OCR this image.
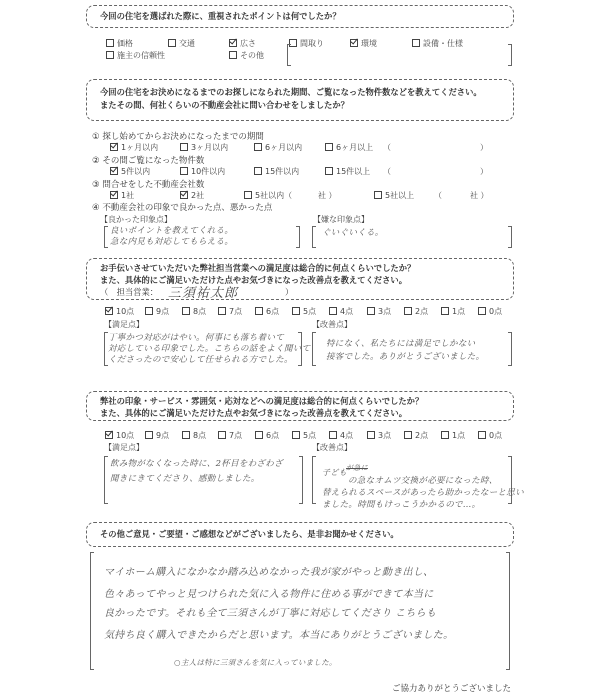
今回の住宅を選ばれた際に、重視されたポイントは何でしたか？
価格	交通	広さ	間取り	環境	設備・仕様
施主の信頼性	その他
今回の住宅をお決めになるまでのお探しになられた期間、ご覧になった物件数などを教えてください。
またその間、何社くらいの不動産会社に問い合わせをしましたか？
① 探し始めてからお決めになったまでの期間
1ヶ月以内	3ヶ月以内	6ヶ月以内	6ヶ月以上 （	）
② その間ご覧になった物件数
5件以内	10件以内	15件以内	15件以上 （	）
③ 問合せをした不動産会社数
1社	2社	5社以内（	社 ）	5社以上 （	社 ）
④ 不動産会社の印象で良かった点、悪かった点
【良かった印象点】	【嫌な印象点】
良いポイントを教えてくれる。
急な内見も対応してもらえる。
ぐいぐいくる。
お手伝いさせていただいた弊社担当営業への満足度は総合的に何点くらいでしたか？
また、具体的にご満足いただけた点やお気づきになった改善点を教えてください。
（　担当営業： 三須祐太郎	）
10点	9点	8点	7点	6点	5点	4点	3点	2点	1点	0点
【満足点】	【改善点】
丁寧かつ対応がはやい。何事にも落ち着いて
対応している印象でした。こちらの話をよく聞いて
くださったので安心して任せられる方でした。
特になく、私たちには満足でしかない
接客でした。ありがとうございました。
弊社の印象・サービス・雰囲気・応対などへの満足度は総合的に何点くらいでしたか？
また、具体的にご満足いただけた点やお気づきになった改善点を教えてください。
10点	9点	8点	7点	6点	5点	4点	3点	2点	1点	0点
【満足点】	【改善点】
飲み物がなくなった時に、2杯目をわざわざ
聞きにきてくださり、感動しました。
子ども が急に
の急なオムツ交換が必要になった時、
替えられるスペースがあったら助かったなーと思い
ました。時間もけっこうかかるので…。
その他ご意見・ご要望・ご感想などがございましたら、是非お聞かせください。
マイホーム購入になかなか踏み込めなかった我が家がやっと動き出し、
色々あってやっと見つけられた気に入る物件に住める事ができて本当に
良かったです。それも全て三須さんが丁寧に対応してくださり こちらも
気持ち良く購入できたからだと思います。本当にありがとうございました。
○主人は特に三須さんを気に入っていました。
ご協力ありがとうございました
